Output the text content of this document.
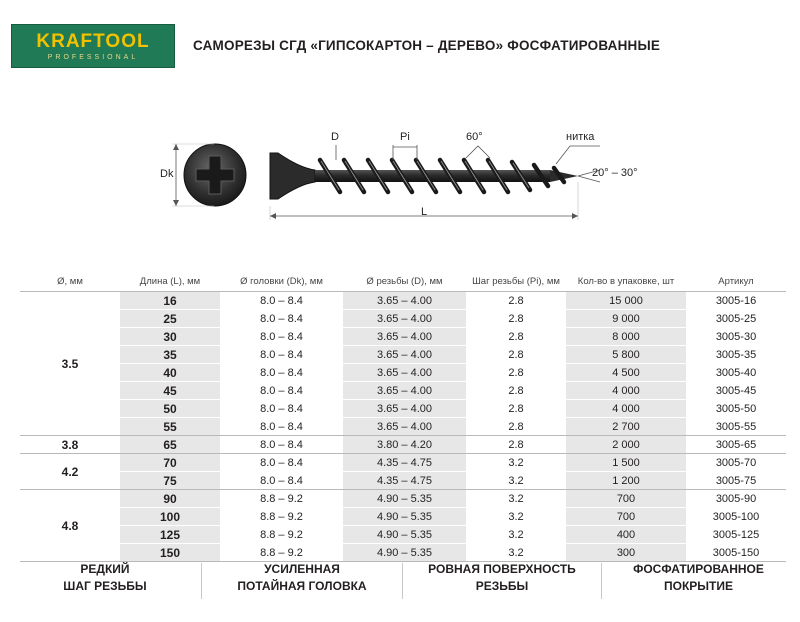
KRAFTOOL
PROFESSIONAL
САМОРЕЗЫ СГД «ГИПСОКАРТОН – ДЕРЕВО» ФОСФАТИРОВАННЫЕ
Dk
D	Pi	60°	нитка
20° – 30°
L
Ø, мм	Длина (L), мм	Ø головки (Dk), мм	Ø резьбы (D), мм	Шаг резьбы (Pi), мм	Кол-во в упаковке, шт	Артикул
3.5	16	8.0 – 8.4	3.65 – 4.00	2.8	15 000	3005-16
	25	8.0 – 8.4	3.65 – 4.00	2.8	9 000	3005-25
	30	8.0 – 8.4	3.65 – 4.00	2.8	8 000	3005-30
	35	8.0 – 8.4	3.65 – 4.00	2.8	5 800	3005-35
	40	8.0 – 8.4	3.65 – 4.00	2.8	4 500	3005-40
	45	8.0 – 8.4	3.65 – 4.00	2.8	4 000	3005-45
	50	8.0 – 8.4	3.65 – 4.00	2.8	4 000	3005-50
	55	8.0 – 8.4	3.65 – 4.00	2.8	2 700	3005-55
3.8	65	8.0 – 8.4	3.80 – 4.20	2.8	2 000	3005-65
4.2	70	8.0 – 8.4	4.35 – 4.75	3.2	1 500	3005-70
	75	8.0 – 8.4	4.35 – 4.75	3.2	1 200	3005-75
4.8	90	8.8 – 9.2	4.90 – 5.35	3.2	700	3005-90
	100	8.8 – 9.2	4.90 – 5.35	3.2	700	3005-100
	125	8.8 – 9.2	4.90 – 5.35	3.2	400	3005-125
	150	8.8 – 9.2	4.90 – 5.35	3.2	300	3005-150
РЕДКИЙ
ШАГ РЕЗЬБЫ
УСИЛЕННАЯ
ПОТАЙНАЯ ГОЛОВКА
РОВНАЯ ПОВЕРХНОСТЬ
РЕЗЬБЫ
ФОСФАТИРОВАННОЕ
ПОКРЫТИЕ
